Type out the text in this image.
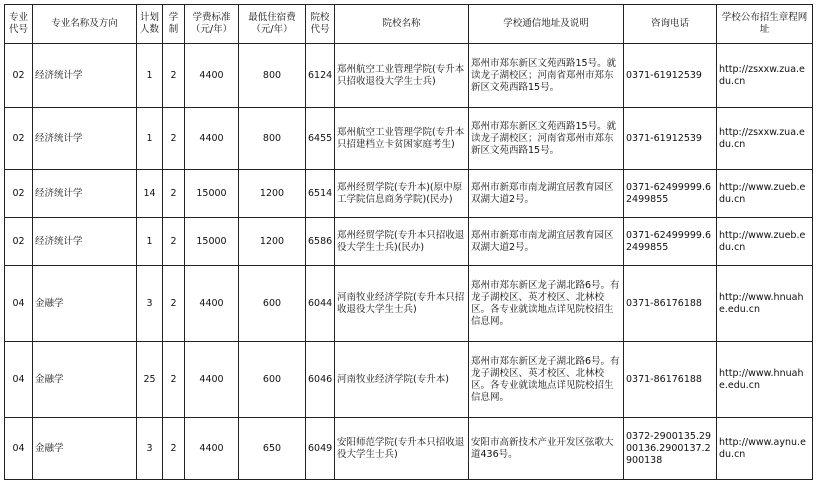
专业代号	专业名称及方向	计划人数	学制	学费标准（元/年）	最低住宿费（元/年）	院校代号	院校名称	学校通信地址及说明	咨询电话	学校公布招生章程网址
02	经济统计学	1	2	4400	800	6124	郑州航空工业管理学院(专升本只招收退役大学生士兵)	郑州市郑东新区文苑西路15号。就读龙子湖校区；河南省郑州市郑东新区文苑西路15号。	0371-61912539	http://zsxxw.zua.edu.cn
02	经济统计学	1	2	4400	800	6455	郑州航空工业管理学院(专升本只招建档立卡贫困家庭考生)	郑州市郑东新区文苑西路15号。就读龙子湖校区；河南省郑州市郑东新区文苑西路15号。	0371-61912539	http://zsxxw.zua.edu.cn
02	经济统计学	14	2	15000	1200	6514	郑州经贸学院(专升本)(原中原工学院信息商务学院)(民办)	郑州市新郑市南龙湖宜居教育园区双湖大道2号。	0371-62499999.62499855	http://www.zueb.edu.cn
02	经济统计学	1	2	15000	1200	6586	郑州经贸学院(专升本只招收退役大学生士兵)(民办)	郑州市新郑市南龙湖宜居教育园区双湖大道2号。	0371-62499999.62499855	http://www.zueb.edu.cn
04	金融学	3	2	4400	600	6044	河南牧业经济学院(专升本只招收退役大学生士兵)	郑州市郑东新区龙子湖北路6号。有龙子湖校区、英才校区、北林校区。各专业就读地点详见院校招生信息网。	0371-86176188	http://www.hnuahe.edu.cn
04	金融学	25	2	4400	600	6046	河南牧业经济学院(专升本)	郑州市郑东新区龙子湖北路6号。有龙子湖校区、英才校区、北林校区。各专业就读地点详见院校招生信息网。	0371-86176188	http://www.hnuahe.edu.cn
04	金融学	3	2	4400	650	6049	安阳师范学院(专升本只招收退役大学生士兵)	安阳市高新技术产业开发区弦歌大道436号。	0372-2900135.2900136.2900137.2900138	http://www.aynu.edu.cn
